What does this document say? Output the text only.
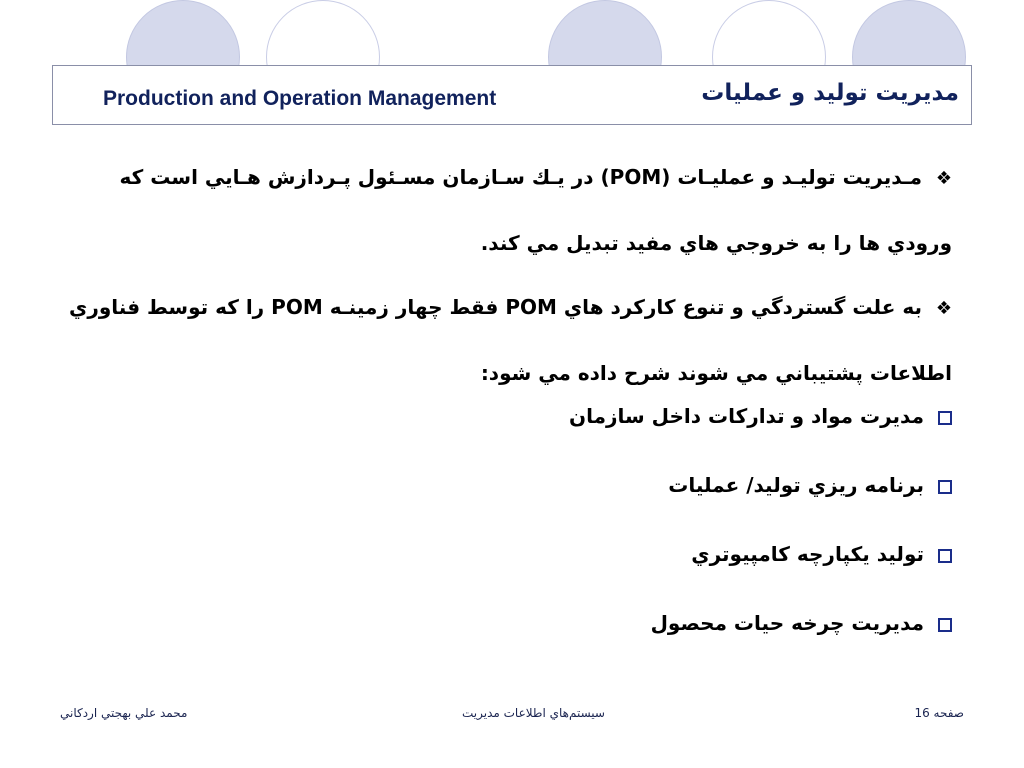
Production and Operation Management	مديريت توليد و عمليات
❖مـديريت توليـد و عمليـات (POM) در يـك سـازمان مسـئول پـردازش هـايي است كه ورودي ها را به خروجي هاي مفيد تبديل مي كند.
❖به علت گستردگي و تنوع كاركرد هاي POM فقط چهار زمينـه POM را كه توسط فناوري اطلاعات پشتيباني مي شوند شرح داده مي شود:
مديرت مواد و تداركات داخل سازمان
برنامه ريزي توليد/ عمليات
توليد يكپارچه كامپيوتري
مديريت چرخه حيات محصول
محمد علي بهجتي اردكاني	سيستم‌هاي اطلاعات مديريت	صفحه 16
